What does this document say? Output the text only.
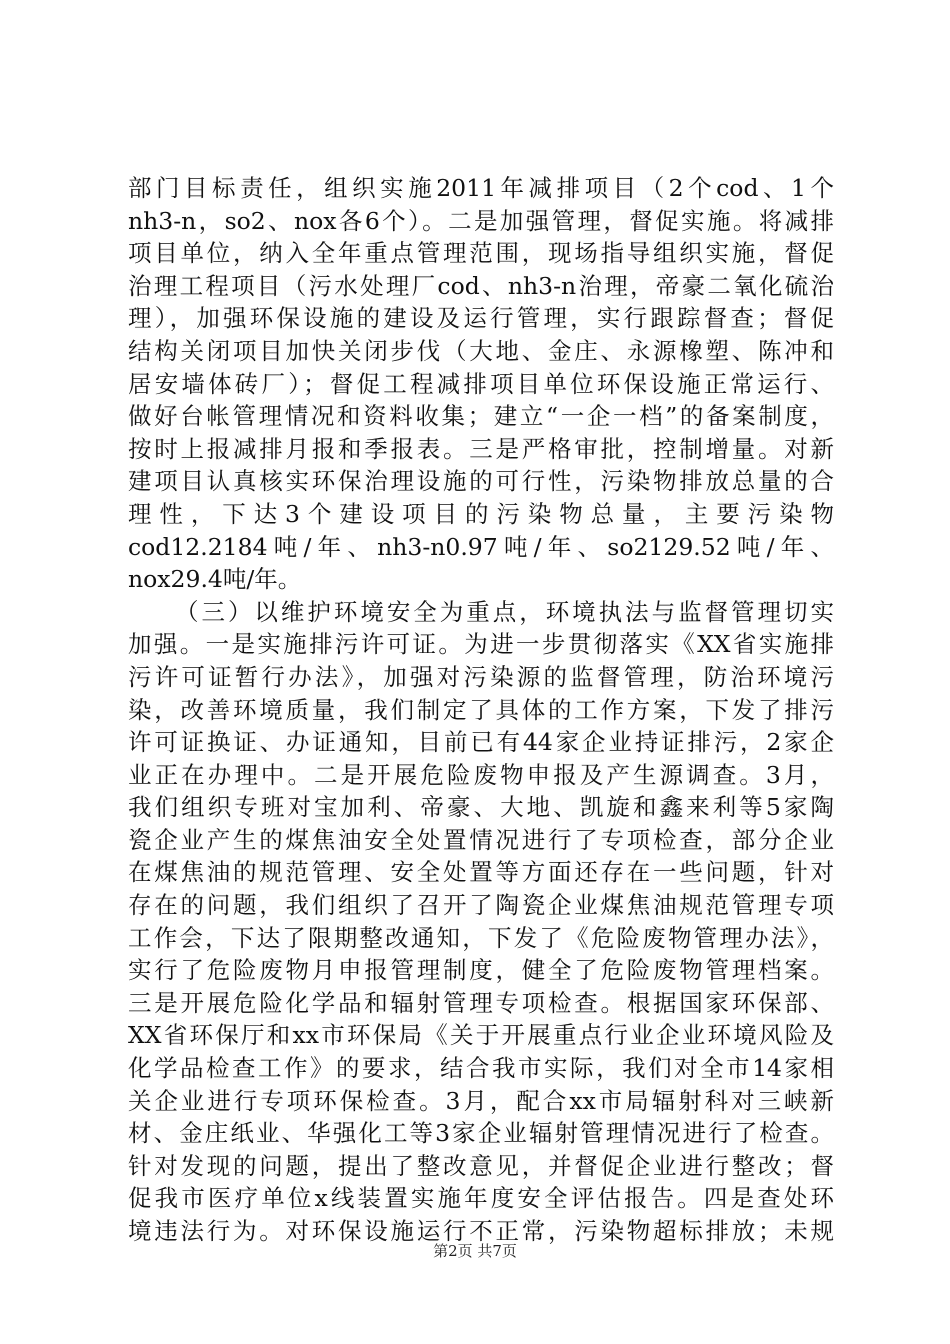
部门目标责任，组织实施2011年减排项目（2个cod、1个
nh3-n，so2、nox各6个）。二是加强管理，督促实施。将减排
项目单位，纳入全年重点管理范围，现场指导组织实施，督促
治理工程项目（污水处理厂cod、nh3-n治理，帝豪二氧化硫治
理），加强环保设施的建设及运行管理，实行跟踪督查；督促
结构关闭项目加快关闭步伐（大地、金庄、永源橡塑、陈冲和
居安墙体砖厂）；督促工程减排项目单位环保设施正常运行、
做好台帐管理情况和资料收集；建立“一企一档”的备案制度，
按时上报减排月报和季报表。三是严格审批，控制增量。对新
建项目认真核实环保治理设施的可行性，污染物排放总量的合
理性，下达3个建设项目的污染物总量，主要污染物
cod12.2184吨/年、nh3-n0.97吨/年、so2129.52吨/年、
nox29.4吨/年。
（三）以维护环境安全为重点，环境执法与监督管理切实
加强。一是实施排污许可证。为进一步贯彻落实《XX省实施排
污许可证暂行办法》，加强对污染源的监督管理，防治环境污
染，改善环境质量，我们制定了具体的工作方案，下发了排污
许可证换证、办证通知，目前已有44家企业持证排污，2家企
业正在办理中。二是开展危险废物申报及产生源调查。3月，
我们组织专班对宝加利、帝豪、大地、凯旋和鑫来利等5家陶
瓷企业产生的煤焦油安全处置情况进行了专项检查，部分企业
在煤焦油的规范管理、安全处置等方面还存在一些问题，针对
存在的问题，我们组织了召开了陶瓷企业煤焦油规范管理专项
工作会，下达了限期整改通知，下发了《危险废物管理办法》，
实行了危险废物月申报管理制度，健全了危险废物管理档案。
三是开展危险化学品和辐射管理专项检查。根据国家环保部、
XX省环保厅和xx市环保局《关于开展重点行业企业环境风险及
化学品检查工作》的要求，结合我市实际，我们对全市14家相
关企业进行专项环保检查。3月，配合xx市局辐射科对三峡新
材、金庄纸业、华强化工等3家企业辐射管理情况进行了检查。
针对发现的问题，提出了整改意见，并督促企业进行整改；督
促我市医疗单位x线装置实施年度安全评估报告。四是查处环
境违法行为。对环保设施运行不正常，污染物超标排放；未规
第2页 共7页
